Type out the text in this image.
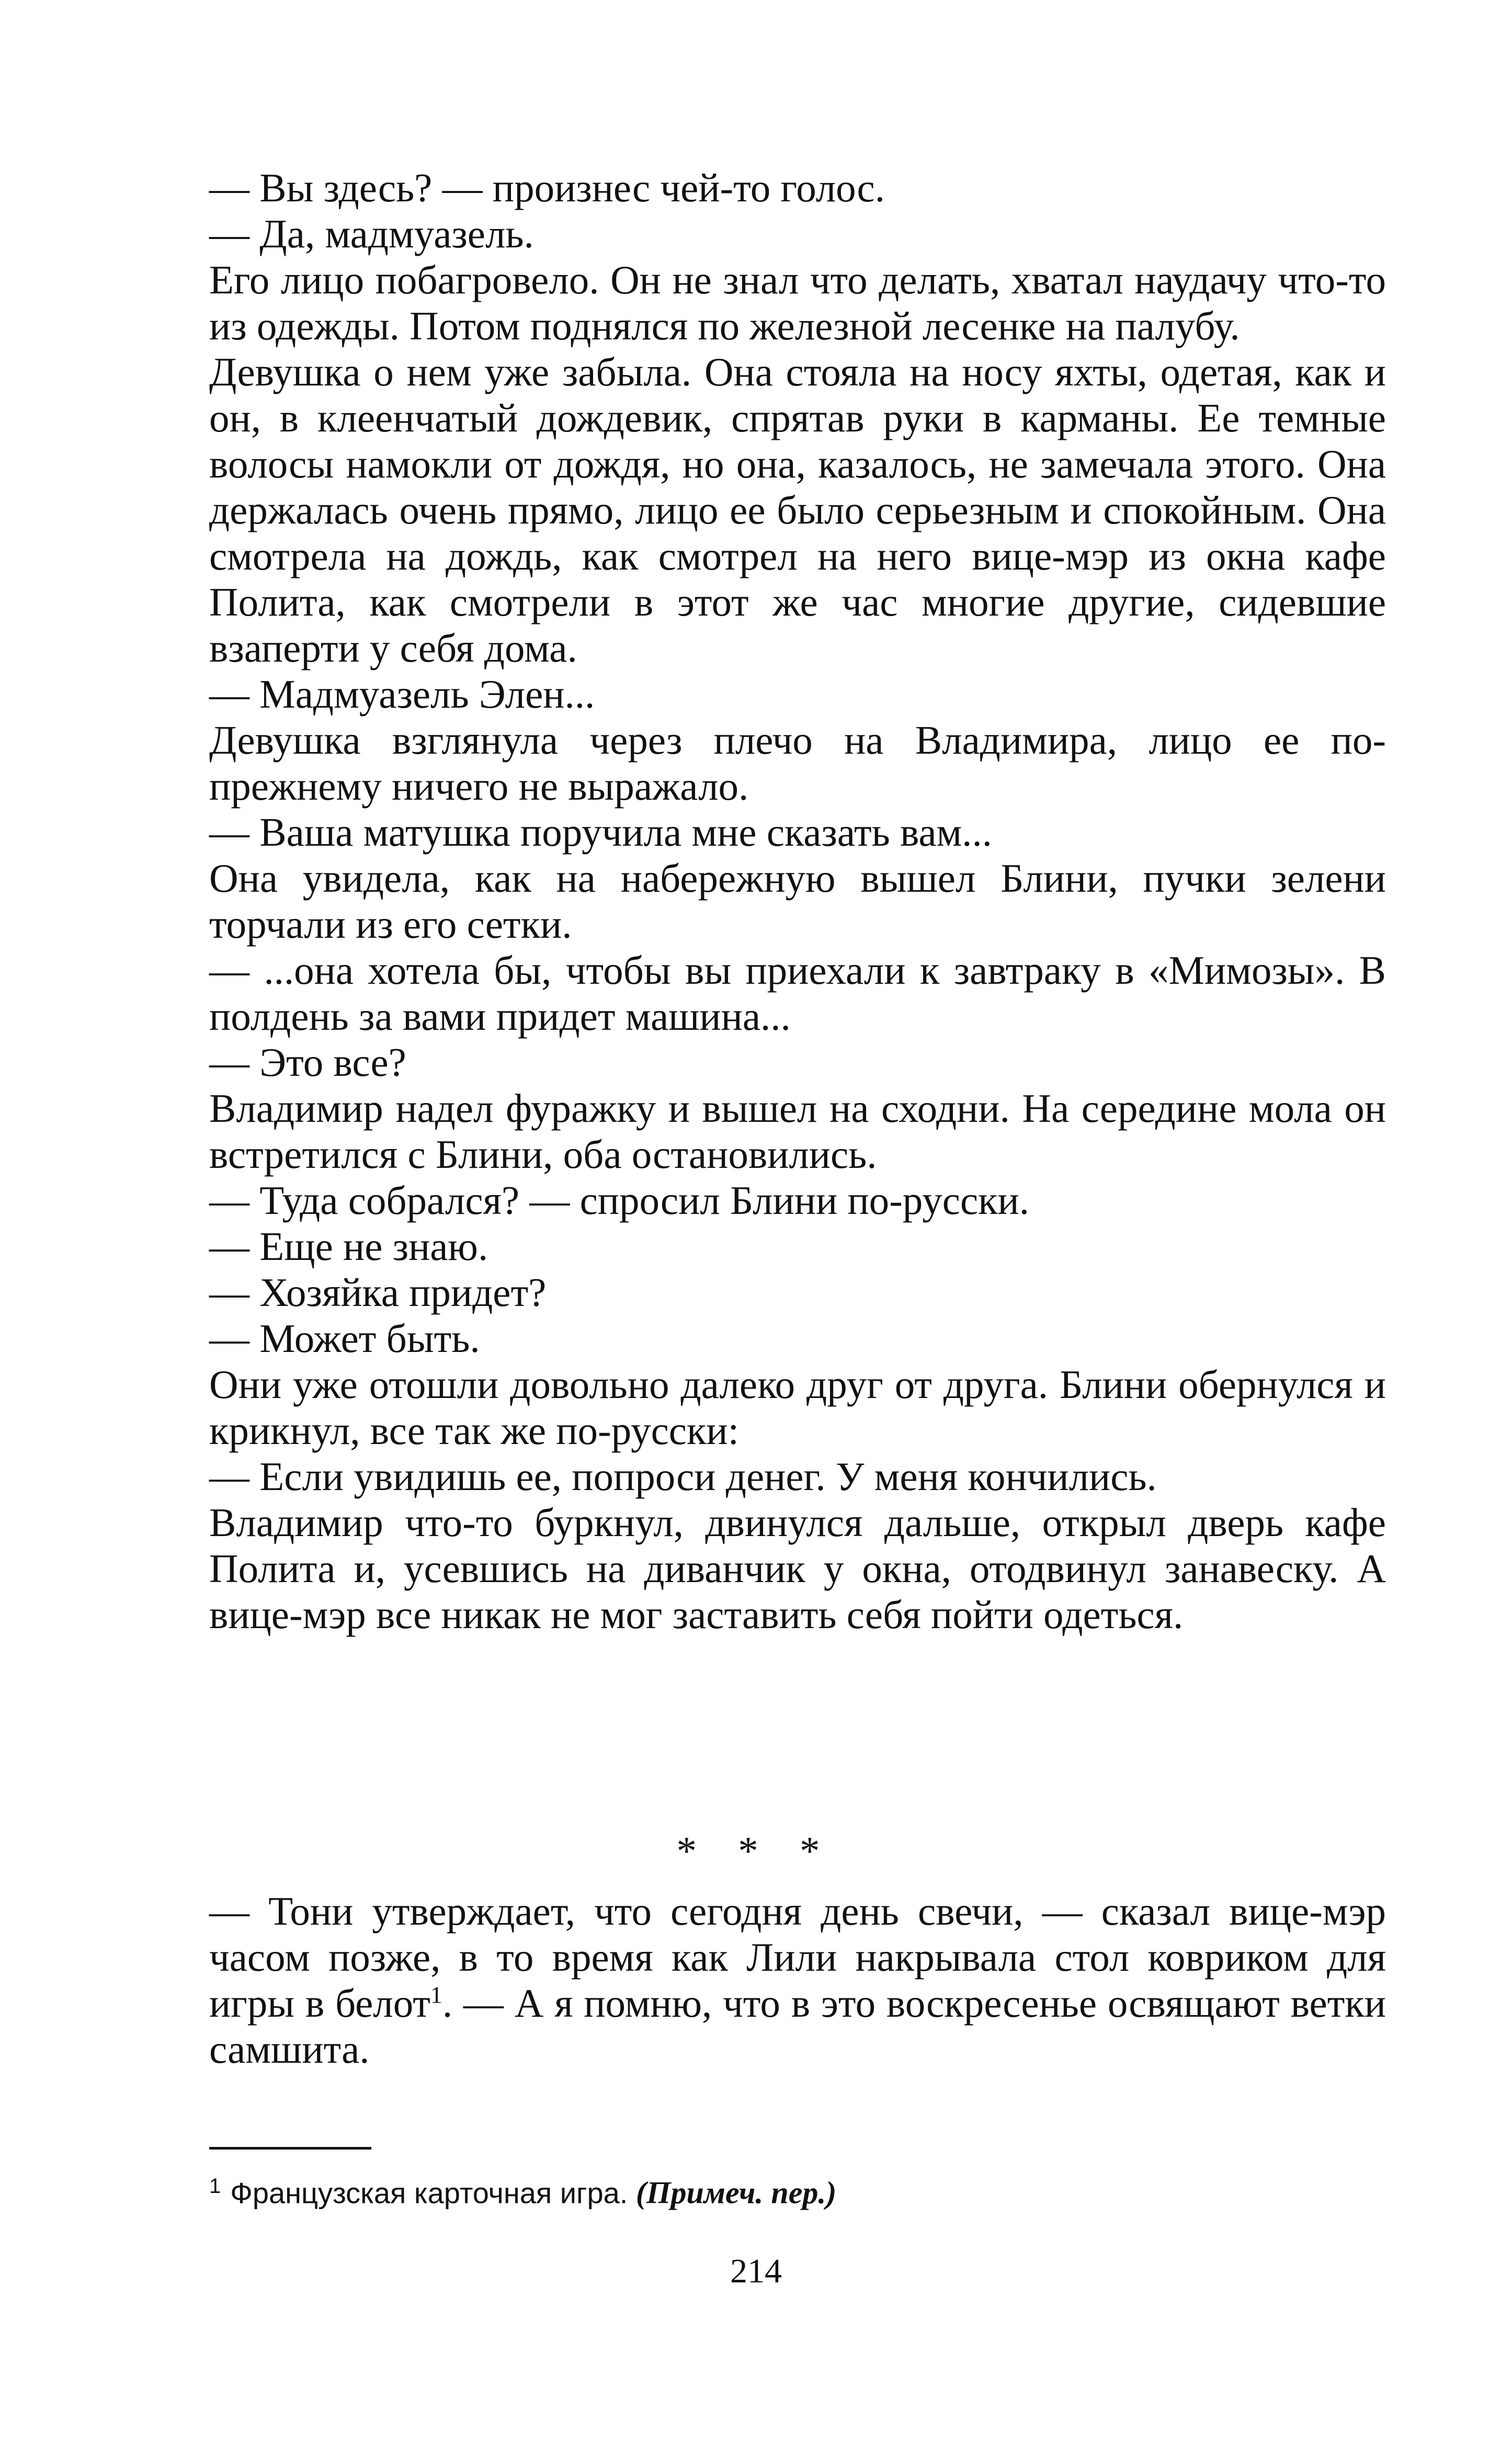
— Вы здесь? — произнес чей-то голос.

— Да, мадмуазель.

Его лицо побагровело. Он не знал что делать, хватал наудачу что-то из одежды. Потом поднялся по железной лесенке на палубу.

Девушка о нем уже забыла. Она стояла на носу яхты, одетая, как и он, в клеенчатый дождевик, спрятав руки в карманы. Ее темные волосы намокли от дождя, но она, казалось, не замечала этого. Она держалась очень прямо, лицо ее было серьезным и спокойным. Она смотрела на дождь, как смотрел на него вице-мэр из окна кафе Полита, как смотрели в этот же час многие другие, сидевшие взаперти у себя дома.

— Мадмуазель Элен...

Девушка взглянула через плечо на Владимира, лицо ее по-прежнему ничего не выражало.

— Ваша матушка поручила мне сказать вам...

Она увидела, как на набережную вышел Блини, пучки зелени торчали из его сетки.

— ...она хотела бы, чтобы вы приехали к завтраку в «Мимозы». В полдень за вами придет машина...

— Это все?

Владимир надел фуражку и вышел на сходни. На середине мола он встретился с Блини, оба остановились.

— Туда собрался? — спросил Блини по-русски.

— Еще не знаю.

— Хозяйка придет?

— Может быть.

Они уже отошли довольно далеко друг от друга. Блини обернулся и крикнул, все так же по-русски:

— Если увидишь ее, попроси денег. У меня кончились.

Владимир что-то буркнул, двинулся дальше, открыл дверь кафе Полита и, усевшись на диванчик у окна, отодвинул занавеску. А вице-мэр все никак не мог заставить себя пойти одеться.

* * *

— Тони утверждает, что сегодня день свечи, — сказал вице-мэр часом позже, в то время как Лили накрывала стол ковриком для игры в белот$^1$. — А я помню, что в это воскресенье освящают ветки самшита.

$^1$ Французская карточная игра. (Примеч. пер.)
214
